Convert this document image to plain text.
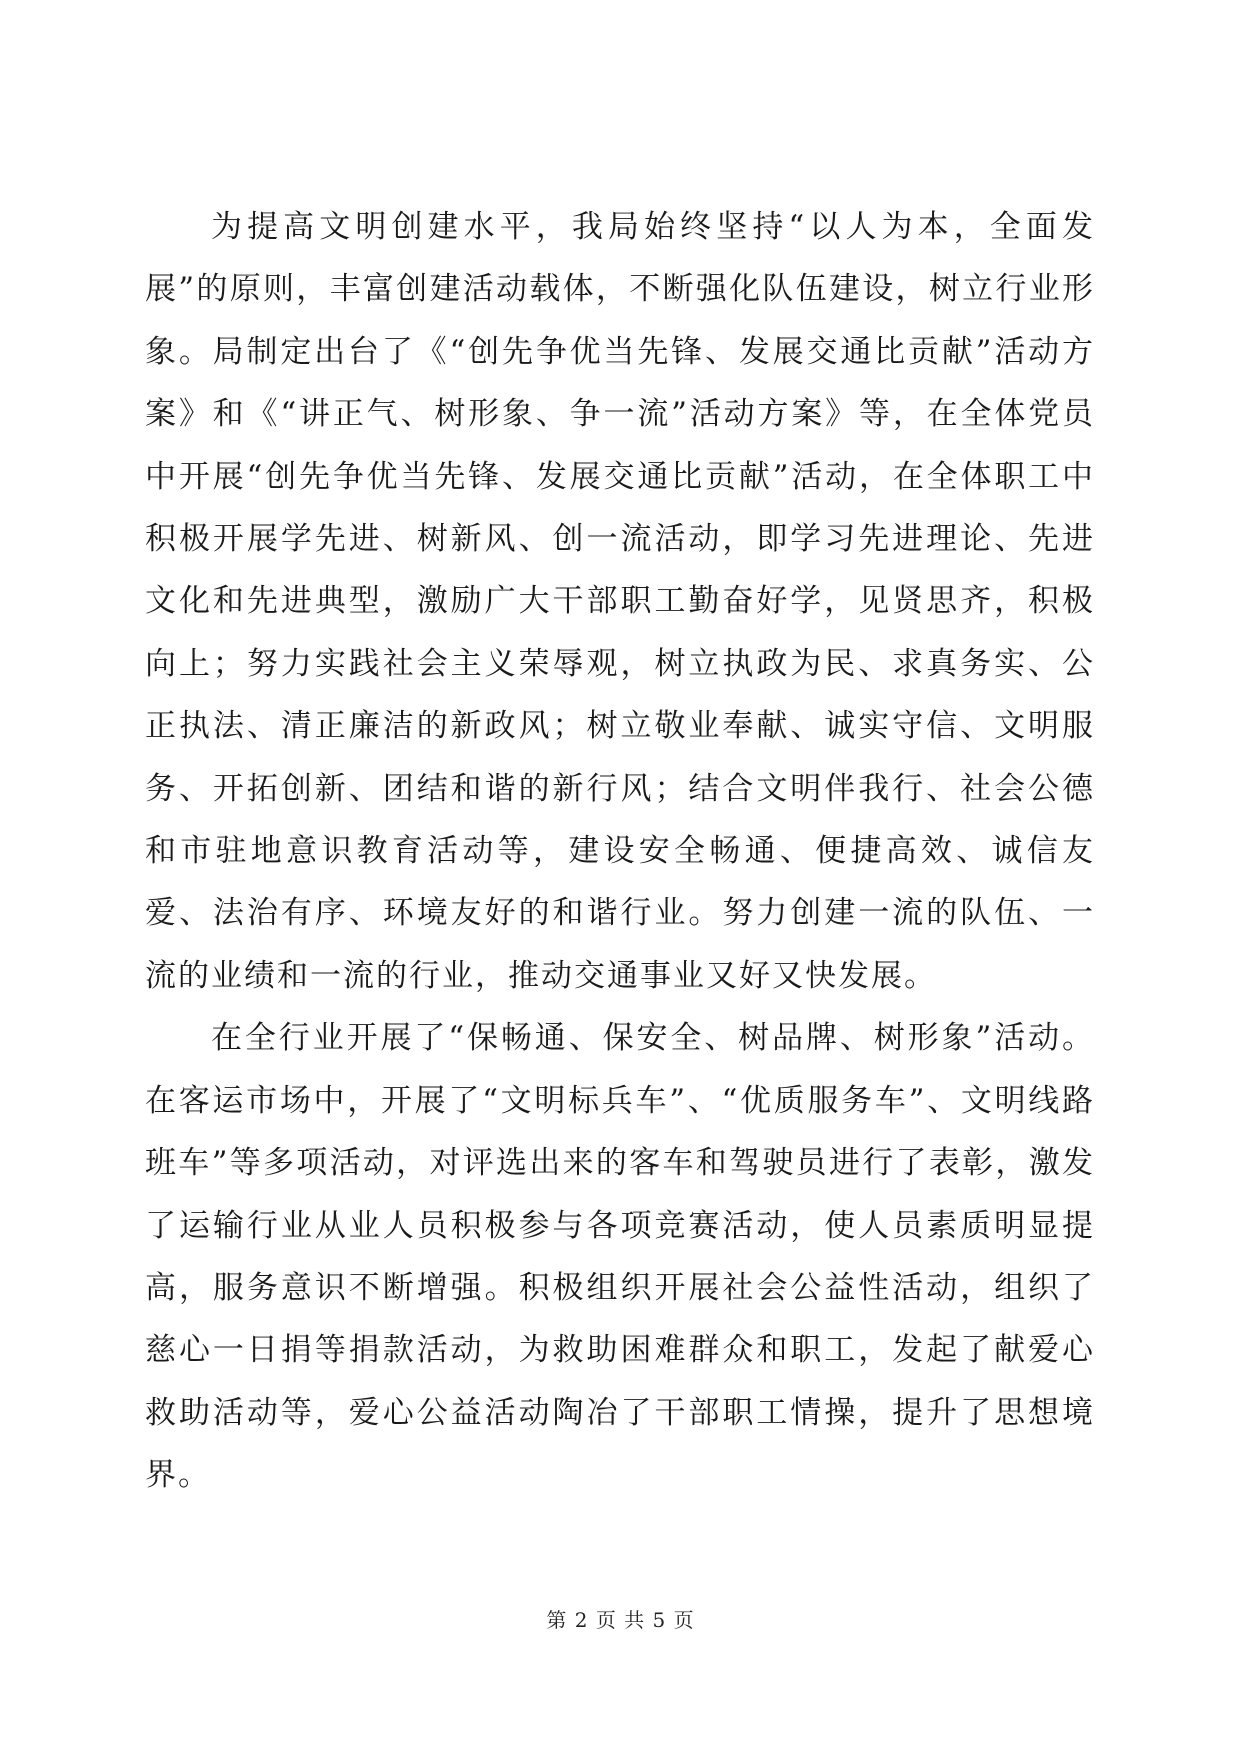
为提高文明创建水平，我局始终坚持“以人为本，全面发展”的原则，丰富创建活动载体，不断强化队伍建设，树立行业形象。局制定出台了《“创先争优当先锋、发展交通比贡献”活动方案》和《“讲正气、树形象、争一流”活动方案》等，在全体党员中开展“创先争优当先锋、发展交通比贡献”活动，在全体职工中积极开展学先进、树新风、创一流活动，即学习先进理论、先进文化和先进典型，激励广大干部职工勤奋好学，见贤思齐，积极向上；努力实践社会主义荣辱观，树立执政为民、求真务实、公正执法、清正廉洁的新政风；树立敬业奉献、诚实守信、文明服务、开拓创新、团结和谐的新行风；结合文明伴我行、社会公德和市驻地意识教育活动等，建设安全畅通、便捷高效、诚信友爱、法治有序、环境友好的和谐行业。努力创建一流的队伍、一流的业绩和一流的行业，推动交通事业又好又快发展。

在全行业开展了“保畅通、保安全、树品牌、树形象”活动。在客运市场中，开展了“文明标兵车”、“优质服务车”、文明线路班车”等多项活动，对评选出来的客车和驾驶员进行了表彰，激发了运输行业从业人员积极参与各项竞赛活动，使人员素质明显提高，服务意识不断增强。积极组织开展社会公益性活动，组织了慈心一日捐等捐款活动，为救助困难群众和职工，发起了献爱心救助活动等，爱心公益活动陶冶了干部职工情操，提升了思想境界。

第 2 页 共 5 页
